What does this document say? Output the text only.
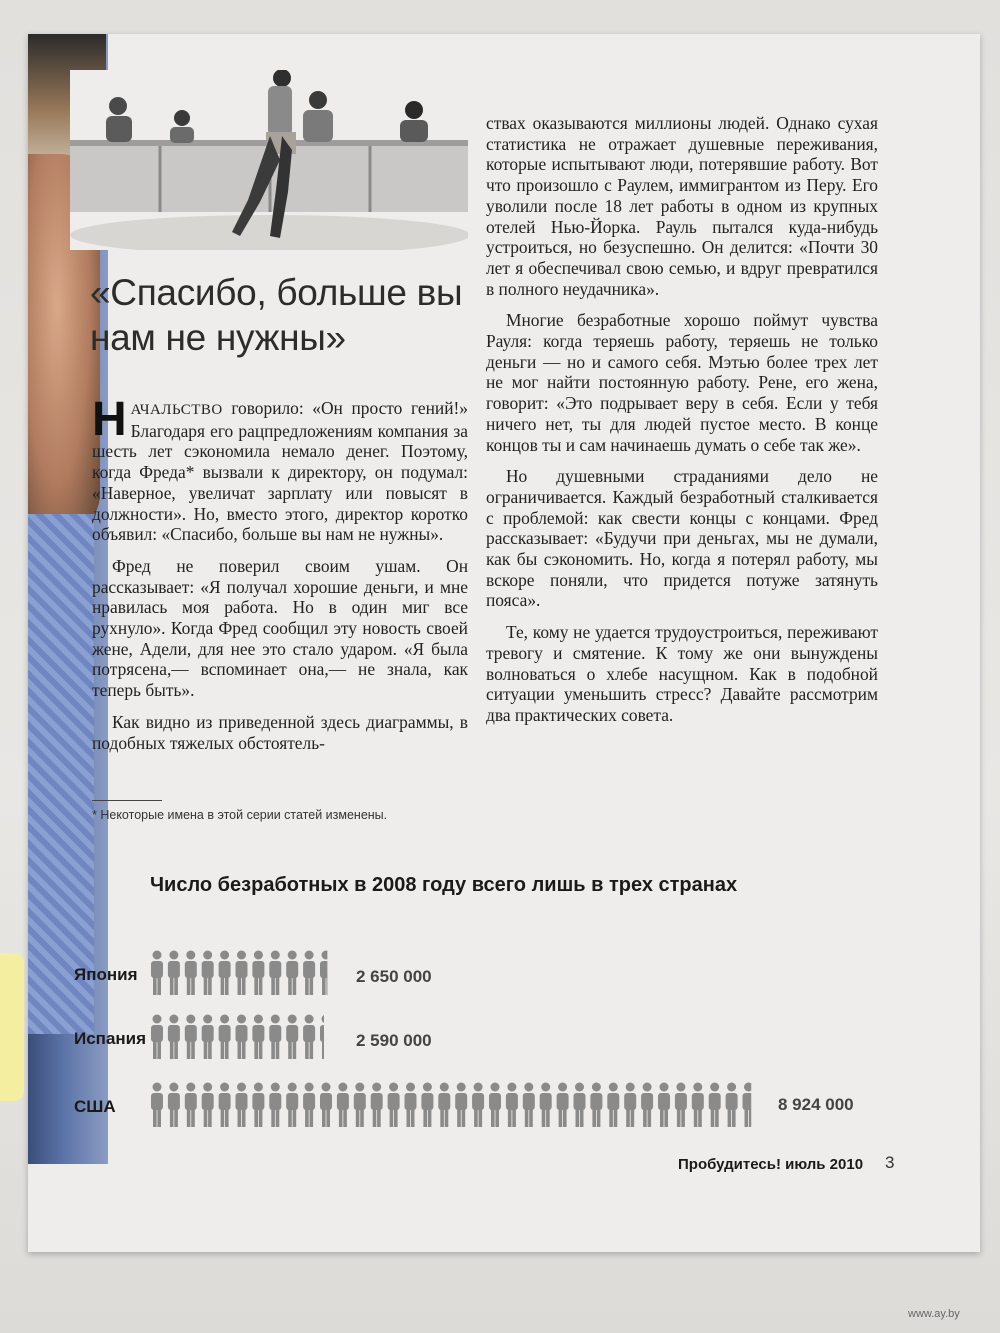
«Спасибо, больше вы нам не нужны»

НАЧАЛЬСТВО говорило: «Он просто гений!» Благодаря его рацпредложениям компания за шесть лет сэкономила немало денег. Поэтому, когда Фреда* вызвали к директору, он подумал: «Наверное, увеличат зарплату или повысят в должности». Но, вместо этого, директор коротко объявил: «Спасибо, больше вы нам не нужны».

Фред не поверил своим ушам. Он рассказывает: «Я получал хорошие деньги, и мне нравилась моя работа. Но в один миг все рухнуло». Когда Фред сообщил эту новость своей жене, Адели, для нее это стало ударом. «Я была потрясена,— вспоминает она,— не знала, как теперь быть».

Как видно из приведенной здесь диаграммы, в подобных тяжелых обстоятель-

* Некоторые имена в этой серии статей изменены.

ствах оказываются миллионы людей. Однако сухая статистика не отражает душевные переживания, которые испытывают люди, потерявшие работу. Вот что произошло с Раулем, иммигрантом из Перу. Его уволили после 18 лет работы в одном из крупных отелей Нью-Йорка. Рауль пытался куда-нибудь устроиться, но безуспешно. Он делится: «Почти 30 лет я обеспечивал свою семью, и вдруг превратился в полного неудачника».

Многие безработные хорошо поймут чувства Рауля: когда теряешь работу, теряешь не только деньги — но и самого себя. Мэтью более трех лет не мог найти постоянную работу. Рене, его жена, говорит: «Это подрывает веру в себя. Если у тебя ничего нет, ты для людей пустое место. В конце концов ты и сам начинаешь думать о себе так же».

Но душевными страданиями дело не ограничивается. Каждый безработный сталкивается с проблемой: как свести концы с концами. Фред рассказывает: «Будучи при деньгах, мы не думали, как бы сэкономить. Но, когда я потерял работу, мы вскоре поняли, что придется потуже затянуть пояса».

Те, кому не удается трудоустроиться, переживают тревогу и смятение. К тому же они вынуждены волноваться о хлебе насущном. Как в подобной ситуации уменьшить стресс? Давайте рассмотрим два практических совета.

Число безработных в 2008 году всего лишь в трех странах
Япония
Испания
США
2 650 000
2 590 000
8 924 000
Пробудитесь! июль 2010 3
www.ay.by
